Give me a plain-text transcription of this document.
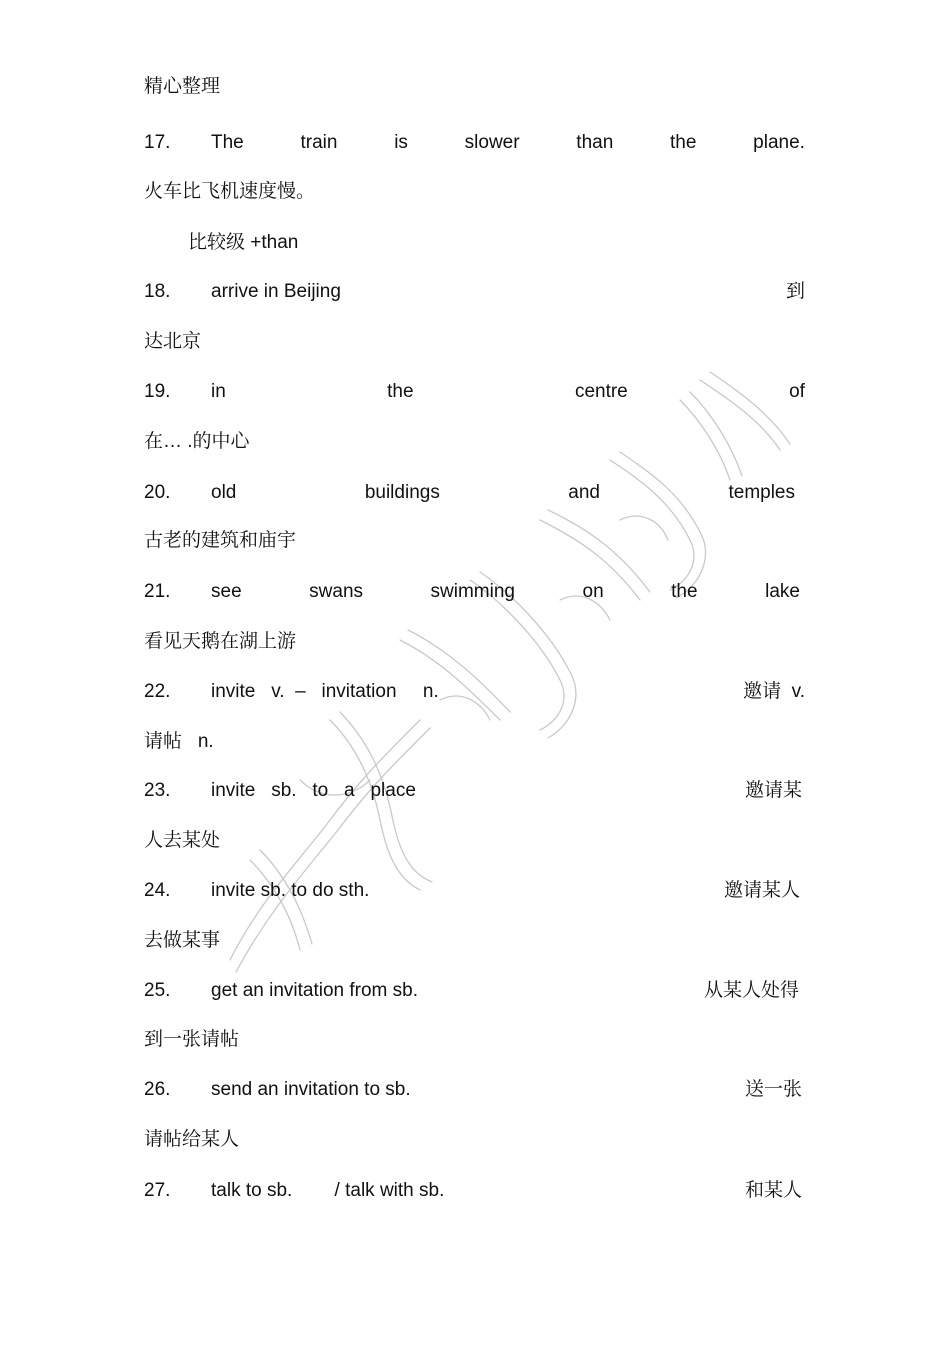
精心整理
17. The	train	is	slower	than	the	plane.
火车比飞机速度慢。
比较级 +than
18. arrive in Beijing	到
达北京
19. in	the	centre	of
在… .的中心
20. old	buildings	and	temples
古老的建筑和庙宇
21. see	swans	swimming	on	the	lake
看见天鹅在湖上游
22. invite   v.  –   invitation     n.	邀请  v.
请帖   n.
23. invite   sb.   to   a   place	邀请某
人去某处
24. invite sb. to do sth.	邀请某人
去做某事
25. get an invitation from sb.	从某人处得
到一张请帖
26. send an invitation to sb.	送一张
请帖给某人
27. talk to sb.        / talk with sb.	和某人
